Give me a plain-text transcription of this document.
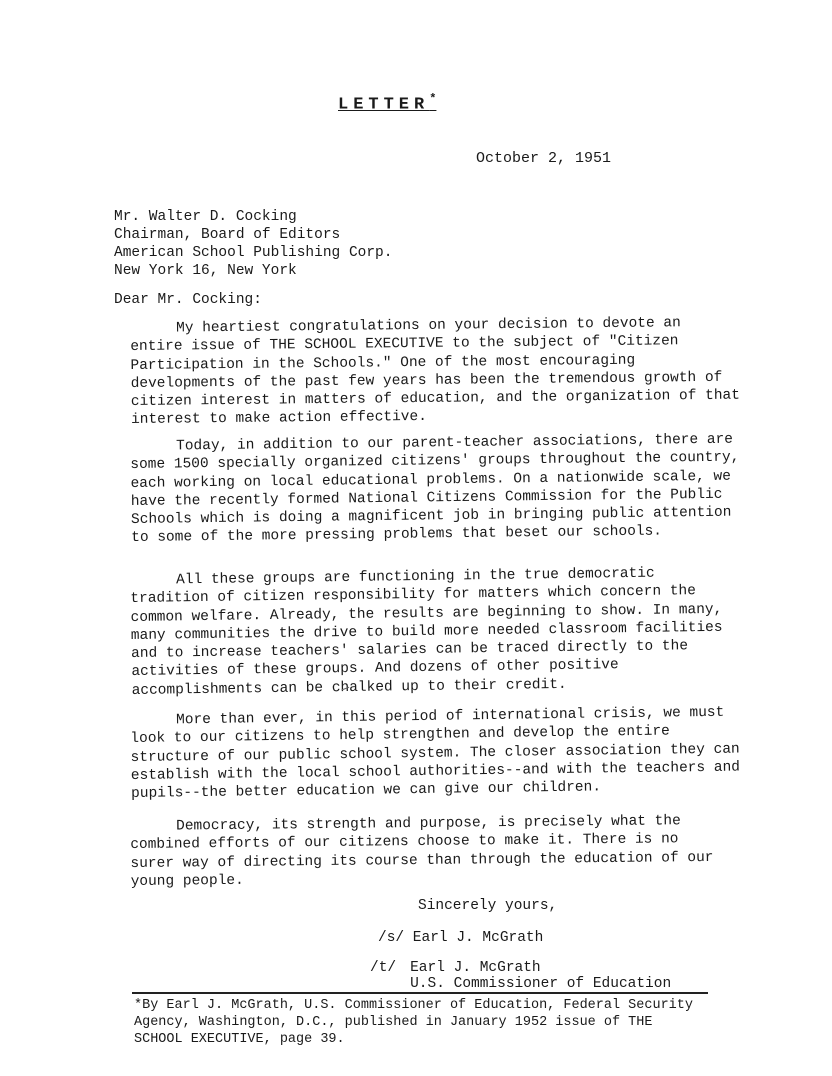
LETTER*
October 2, 1951
Mr. Walter D. Cocking
Chairman, Board of Editors
American School Publishing Corp.
New York 16, New York
Dear Mr. Cocking:

My heartiest congratulations on your decision to devote an entire issue of THE SCHOOL EXECUTIVE to the subject of "Citizen Participation in the Schools." One of the most encouraging developments of the past few years has been the tremendous growth of citizen interest in matters of education, and the organization of that interest to make action effective.

Today, in addition to our parent-teacher associations, there are some 1500 specially organized citizens' groups throughout the country, each working on local educational problems. On a nationwide scale, we have the recently formed National Citizens Commission for the Public Schools which is doing a magnificent job in bringing public attention to some of the more pressing problems that beset our schools.

All these groups are functioning in the true democratic tradition of citizen responsibility for matters which concern the common welfare. Already, the results are beginning to show. In many, many communities the drive to build more needed classroom facilities and to increase teachers' salaries can be traced directly to the activities of these groups. And dozens of other positive accomplishments can be chalked up to their credit.

More than ever, in this period of international crisis, we must look to our citizens to help strengthen and develop the entire structure of our public school system. The closer association they can establish with the local school authorities--and with the teachers and pupils--the better education we can give our children.

Democracy, its strength and purpose, is precisely what the combined efforts of our citizens choose to make it. There is no surer way of directing its course than through the education of our young people.

Sincerely yours,
/s/ Earl J. McGrath
/t/ Earl J. McGrath
U.S. Commissioner of Education
*By Earl J. McGrath, U.S. Commissioner of Education, Federal Security
Agency, Washington, D.C., published in January 1952 issue of THE
SCHOOL EXECUTIVE, page 39.
